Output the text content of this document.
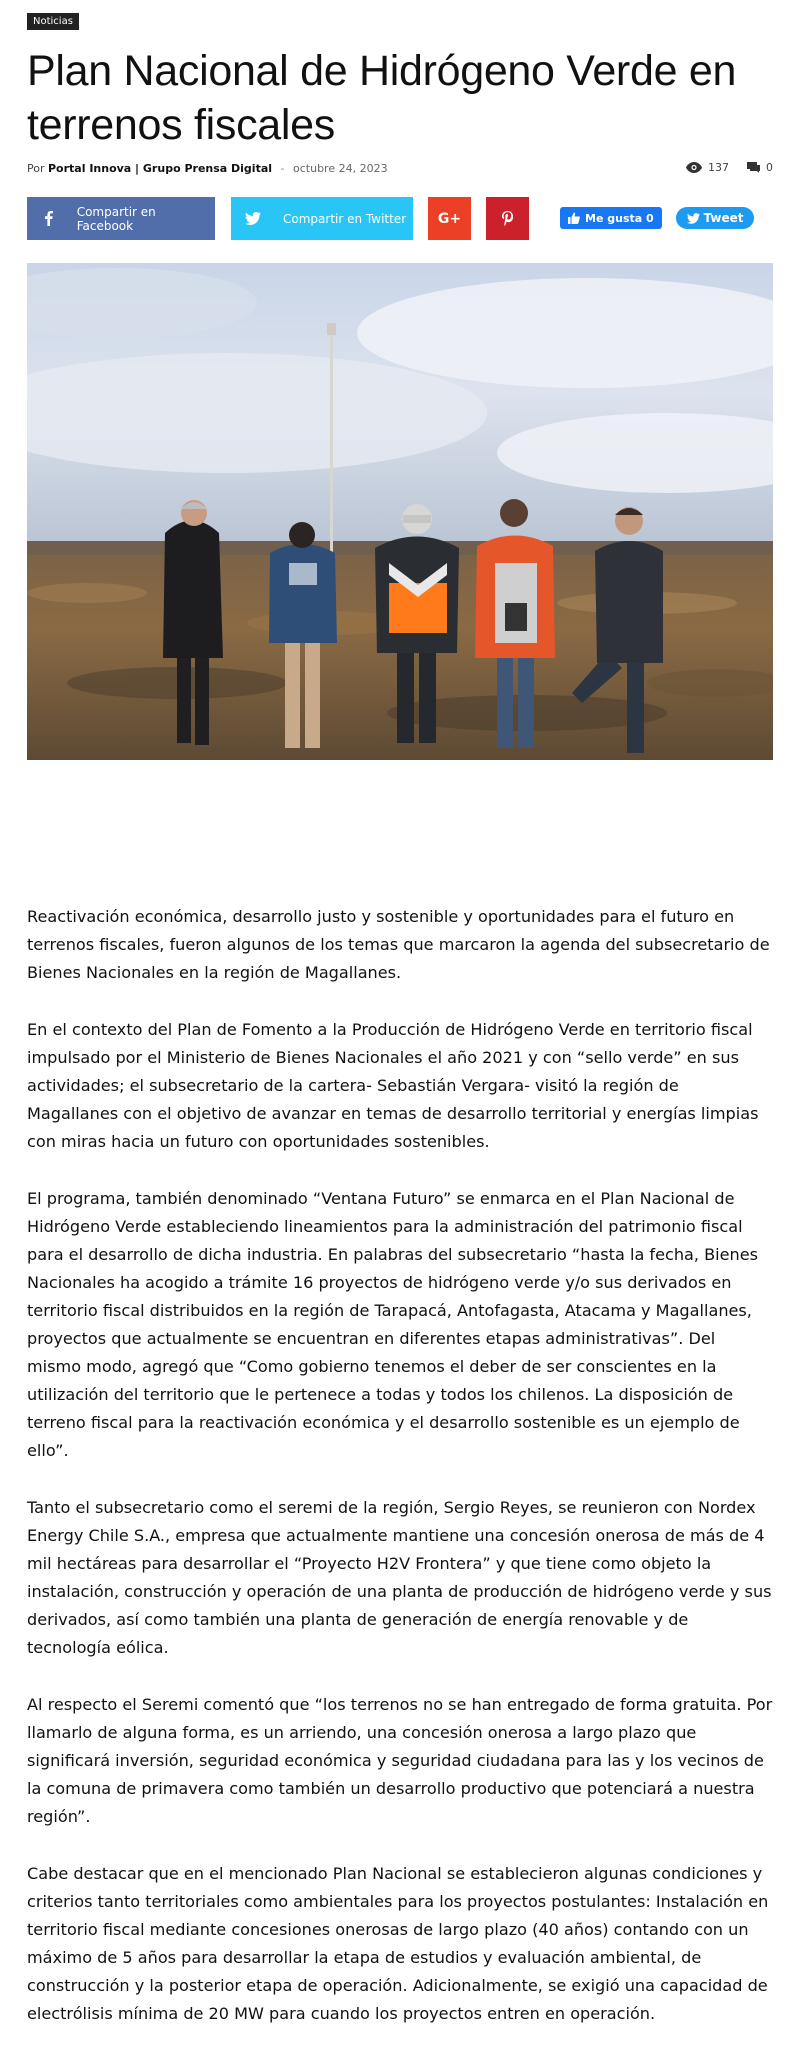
Noticias
Plan Nacional de Hidrógeno Verde en terrenos fiscales
Por Portal Innova | Grupo Prensa Digital - octubre 24, 2023	137	0
Compartir en Facebook	Compartir en Twitter G+	Me gusta 0	Tweet

Reactivación económica, desarrollo justo y sostenible y oportunidades para el futuro en terrenos fiscales, fueron algunos de los temas que marcaron la agenda del subsecretario de Bienes Nacionales en la región de Magallanes.

En el contexto del Plan de Fomento a la Producción de Hidrógeno Verde en territorio fiscal impulsado por el Ministerio de Bienes Nacionales el año 2021 y con “sello verde” en sus actividades; el subsecretario de la cartera- Sebastián Vergara- visitó la región de Magallanes con el objetivo de avanzar en temas de desarrollo territorial y energías limpias con miras hacia un futuro con oportunidades sostenibles.

El programa, también denominado “Ventana Futuro” se enmarca en el Plan Nacional de Hidrógeno Verde estableciendo lineamientos para la administración del patrimonio fiscal para el desarrollo de dicha industria. En palabras del subsecretario “hasta la fecha, Bienes Nacionales ha acogido a trámite 16 proyectos de hidrógeno verde y/o sus derivados en territorio fiscal distribuidos en la región de Tarapacá, Antofagasta, Atacama y Magallanes, proyectos que actualmente se encuentran en diferentes etapas administrativas”. Del mismo modo, agregó que “Como gobierno tenemos el deber de ser conscientes en la utilización del territorio que le pertenece a todas y todos los chilenos. La disposición de terreno fiscal para la reactivación económica y el desarrollo sostenible es un ejemplo de ello”.

Tanto el subsecretario como el seremi de la región, Sergio Reyes, se reunieron con Nordex Energy Chile S.A., empresa que actualmente mantiene una concesión onerosa de más de 4 mil hectáreas para desarrollar el “Proyecto H2V Frontera” y que tiene como objeto la instalación, construcción y operación de una planta de producción de hidrógeno verde y sus derivados, así como también una planta de generación de energía renovable y de tecnología eólica.

Al respecto el Seremi comentó que “los terrenos no se han entregado de forma gratuita. Por llamarlo de alguna forma, es un arriendo, una concesión onerosa a largo plazo que significará inversión, seguridad económica y seguridad ciudadana para las y los vecinos de la comuna de primavera como también un desarrollo productivo que potenciará a nuestra región”.

Cabe destacar que en el mencionado Plan Nacional se establecieron algunas condiciones y criterios tanto territoriales como ambientales para los proyectos postulantes: Instalación en territorio fiscal mediante concesiones onerosas de largo plazo (40 años) contando con un máximo de 5 años para desarrollar la etapa de estudios y evaluación ambiental, de construcción y la posterior etapa de operación. Adicionalmente, se exigió una capacidad de electrólisis mínima de 20 MW para cuando los proyectos entren en operación.
